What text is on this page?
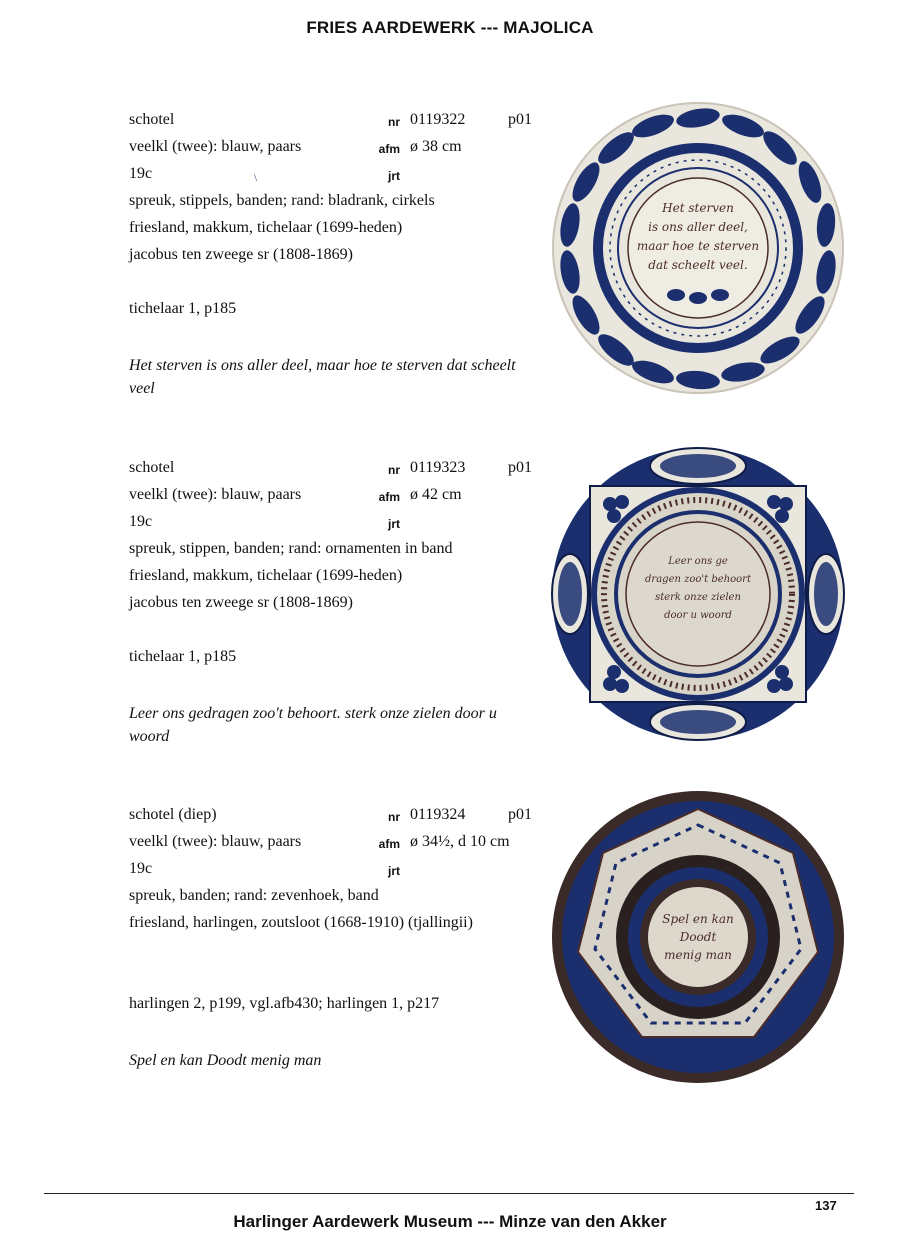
FRIES AARDEWERK --- MAJOLICA
schotel	nr 0119322	p01
veelkl (twee): blauw, paars	afm ø 38 cm
19c	jrt
spreuk, stippels, banden; rand: bladrank, cirkels
friesland, makkum, tichelaar (1699-heden)
jacobus ten zweege sr (1808-1869)
tichelaar 1, p185
Het sterven is ons aller deel, maar hoe te sterven dat scheelt veel
Het sterven
is ons aller deel,
maar hoe te sterven
dat scheelt veel.
\
schotel	nr 0119323	p01
veelkl (twee): blauw, paars	afm ø 42 cm
19c	jrt
spreuk, stippen, banden; rand: ornamenten in band
friesland, makkum, tichelaar (1699-heden)
jacobus ten zweege sr (1808-1869)
tichelaar 1, p185
Leer ons gedragen zoo't behoort. sterk onze zielen door u woord
Leer ons ge
dragen zoo't behoort
sterk onze zielen
door u woord
schotel (diep)	nr 0119324	p01
veelkl (twee): blauw, paars	afm ø 34½, d 10 cm
19c	jrt
spreuk, banden; rand: zevenhoek, band
friesland, harlingen, zoutsloot (1668-1910) (tjallingii)
harlingen 2, p199, vgl.afb430; harlingen 1, p217
Spel en kan Doodt menig man
Spel en kan
Doodt
menig man
137
Harlinger Aardewerk Museum --- Minze van den Akker
